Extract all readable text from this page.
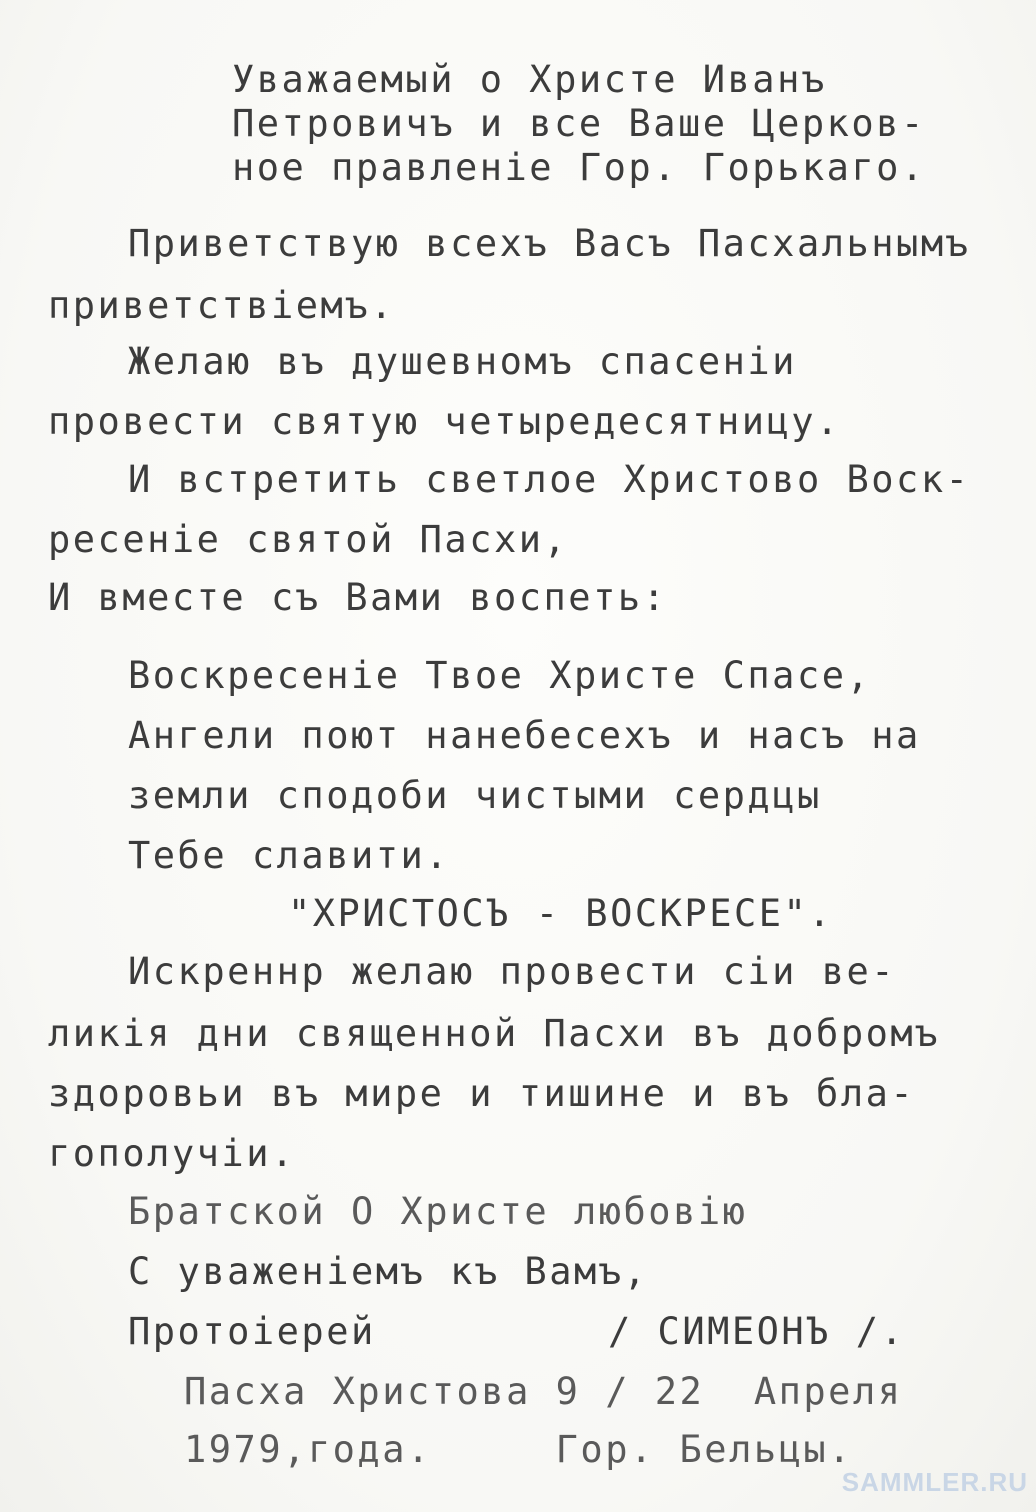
Уважаемый о Христе Иванъ

Петровичъ и все Ваше Церков-

ное правленіе Гор. Горькаго.

Приветствую всехъ Васъ Пасхальнымъ

приветствіемъ.

Желаю въ душевномъ спасеніи

провести святую четыредесятницу.

И встретить светлое Христово Воск-

ресеніе святой Пасхи,

И вместе съ Вами воспеть:

Воскресеніе Твое Христе Спасе,

Ангели поют нанебесехъ и насъ на

земли сподоби чистыми сердцы

Тебе славити.

"ХРИСТОСЪ - ВОСКРЕСЕ".

Искреннр желаю провести сіи ве-

ликія дни священной Пасхи въ добромъ

здоровьи въ мире и тишине и въ бла-

гополучіи.

Братской О Христе любовію

С уваженіемъ къ Вамъ,

Протоіерей	/ СИМЕОНЪ /.

Пасха Христова 9 / 22  Апреля

1979,года.     Гор. Бельцы.

SAMMLER.RU
